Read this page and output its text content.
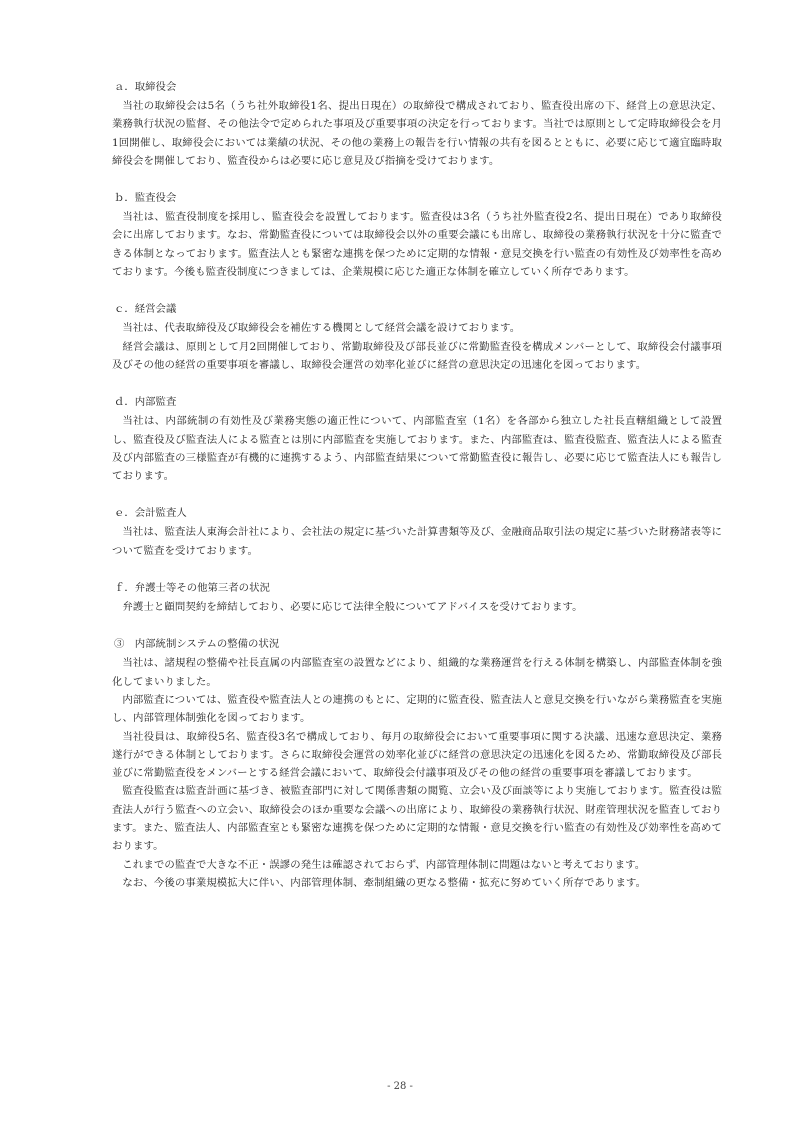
ａ．取締役会

当社の取締役会は5名（うち社外取締役1名、提出日現在）の取締役で構成されており、監査役出席の下、経営上の意思決定、業務執行状況の監督、その他法令で定められた事項及び重要事項の決定を行っております。当社では原則として定時取締役会を月1回開催し、取締役会においては業績の状況、その他の業務上の報告を行い情報の共有を図るとともに、必要に応じて適宜臨時取締役会を開催しており、監査役からは必要に応じ意見及び指摘を受けております。

ｂ．監査役会

当社は、監査役制度を採用し、監査役会を設置しております。監査役は3名（うち社外監査役2名、提出日現在）であり取締役会に出席しております。なお、常勤監査役については取締役会以外の重要会議にも出席し、取締役の業務執行状況を十分に監査できる体制となっております。監査法人とも緊密な連携を保つために定期的な情報・意見交換を行い監査の有効性及び効率性を高めております。今後も監査役制度につきましては、企業規模に応じた適正な体制を確立していく所存であります。

ｃ．経営会議

当社は、代表取締役及び取締役会を補佐する機関として経営会議を設けております。

経営会議は、原則として月2回開催しており、常勤取締役及び部長並びに常勤監査役を構成メンバーとして、取締役会付議事項及びその他の経営の重要事項を審議し、取締役会運営の効率化並びに経営の意思決定の迅速化を図っております。

ｄ．内部監査

当社は、内部統制の有効性及び業務実態の適正性について、内部監査室（1名）を各部から独立した社長直轄組織として設置し、監査役及び監査法人による監査とは別に内部監査を実施しております。また、内部監査は、監査役監査、監査法人による監査及び内部監査の三様監査が有機的に連携するよう、内部監査結果について常勤監査役に報告し、必要に応じて監査法人にも報告しております。

ｅ．会計監査人

当社は、監査法人東海会計社により、会社法の規定に基づいた計算書類等及び、金融商品取引法の規定に基づいた財務諸表等について監査を受けております。

ｆ．弁護士等その他第三者の状況

弁護士と顧問契約を締結しており、必要に応じて法律全般についてアドバイスを受けております。

③　内部統制システムの整備の状況

当社は、諸規程の整備や社長直属の内部監査室の設置などにより、組織的な業務運営を行える体制を構築し、内部監査体制を強化してまいりました。

内部監査については、監査役や監査法人との連携のもとに、定期的に監査役、監査法人と意見交換を行いながら業務監査を実施し、内部管理体制強化を図っております。

当社役員は、取締役5名、監査役3名で構成しており、毎月の取締役会において重要事項に関する決議、迅速な意思決定、業務遂行ができる体制としております。さらに取締役会運営の効率化並びに経営の意思決定の迅速化を図るため、常勤取締役及び部長並びに常勤監査役をメンバーとする経営会議において、取締役会付議事項及びその他の経営の重要事項を審議しております。

監査役監査は監査計画に基づき、被監査部門に対して関係書類の閲覧、立会い及び面談等により実施しております。監査役は監査法人が行う監査への立会い、取締役会のほか重要な会議への出席により、取締役の業務執行状況、財産管理状況を監査しております。また、監査法人、内部監査室とも緊密な連携を保つために定期的な情報・意見交換を行い監査の有効性及び効率性を高めております。

これまでの監査で大きな不正・誤謬の発生は確認されておらず、内部管理体制に問題はないと考えております。

なお、今後の事業規模拡大に伴い、内部管理体制、牽制組織の更なる整備・拡充に努めていく所存であります。

- 28 -
